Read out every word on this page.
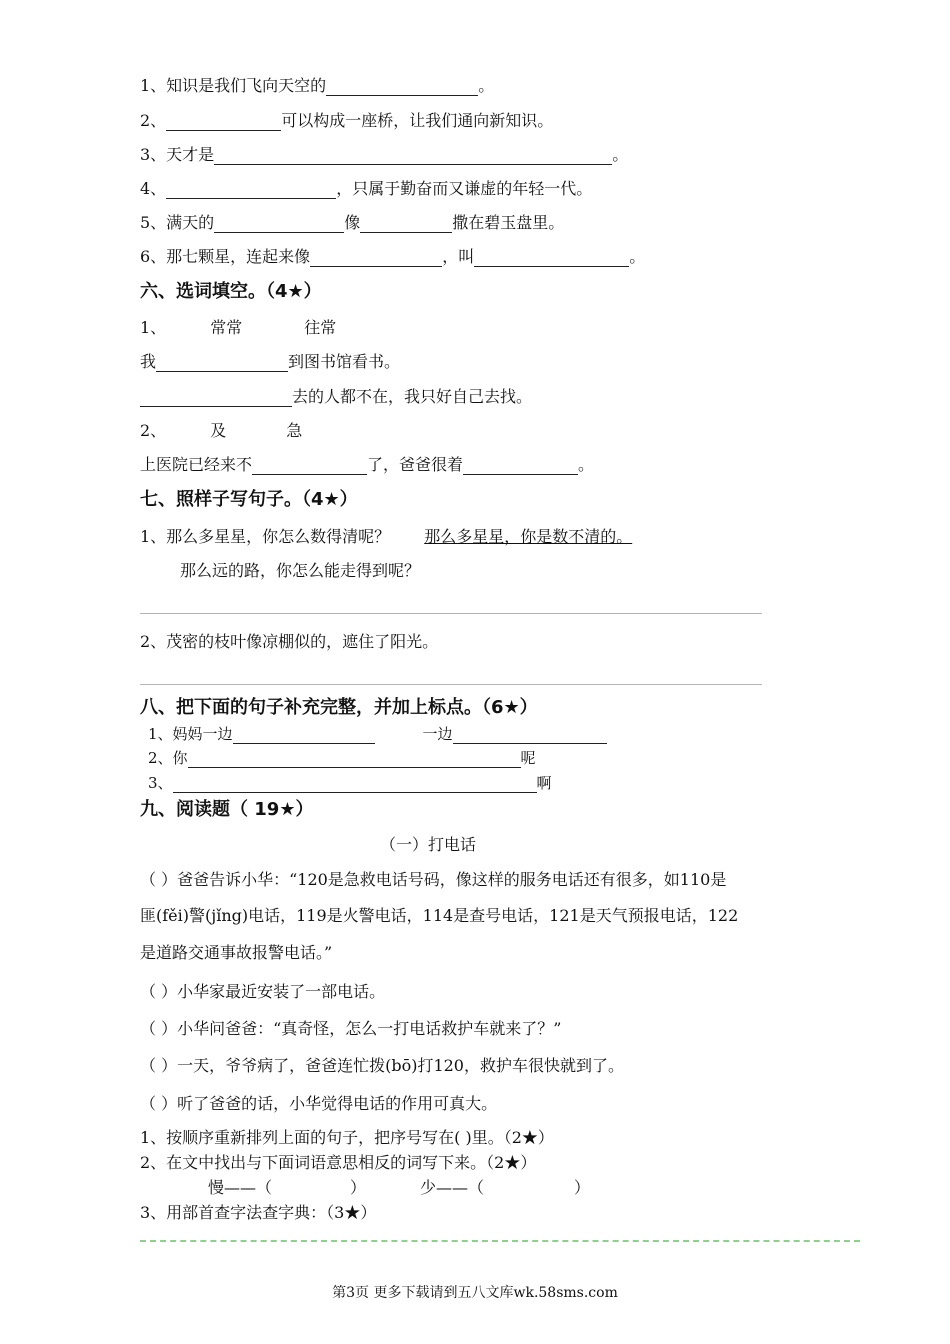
1、知识是我们飞向天空的	。
2、	可以构成一座桥，让我们通向新知识。
3、天才是	。
4、	，只属于勤奋而又谦虚的年轻一代。
5、满天的	像	撒在碧玉盘里。
6、那七颗星，连起来像	，叫	。
六、选词填空。（4★）
1、	常常	往常
我	到图书馆看书。
去的人都不在，我只好自己去找。
2、	及	急
上医院已经来不	了，爸爸很着	。
七、照样子写句子。（4★）
1、那么多星星，你怎么数得清呢？ 那么多星星，你是数不清的。
那么远的路，你怎么能走得到呢？
2、茂密的枝叶像凉棚似的，遮住了阳光。
八、把下面的句子补充完整，并加上标点。（6★）
1、妈妈一边	一边
2、你	呢
3、	啊
九、阅读题（ 19★）
（一）打电话
（ ）爸爸告诉小华：“120是急救电话号码，像这样的服务电话还有很多，如110是
匪(fěi)警(jǐng)电话，119是火警电话，114是查号电话，121是天气预报电话，122
是道路交通事故报警电话。”
（ ）小华家最近安装了一部电话。
（ ）小华问爸爸：“真奇怪，怎么一打电话救护车就来了？”
（ ）一天，爷爷病了，爸爸连忙拨(bō)打120，救护车很快就到了。
（ ）听了爸爸的话，小华觉得电话的作用可真大。
1、按顺序重新排列上面的句子，把序号写在( )里。（2★）
2、在文中找出与下面词语意思相反的词写下来。（2★）
慢——（	）	少——（	）
3、用部首查字法查字典：（3★）
第3页 更多下载请到五八文库wk.58sms.com
